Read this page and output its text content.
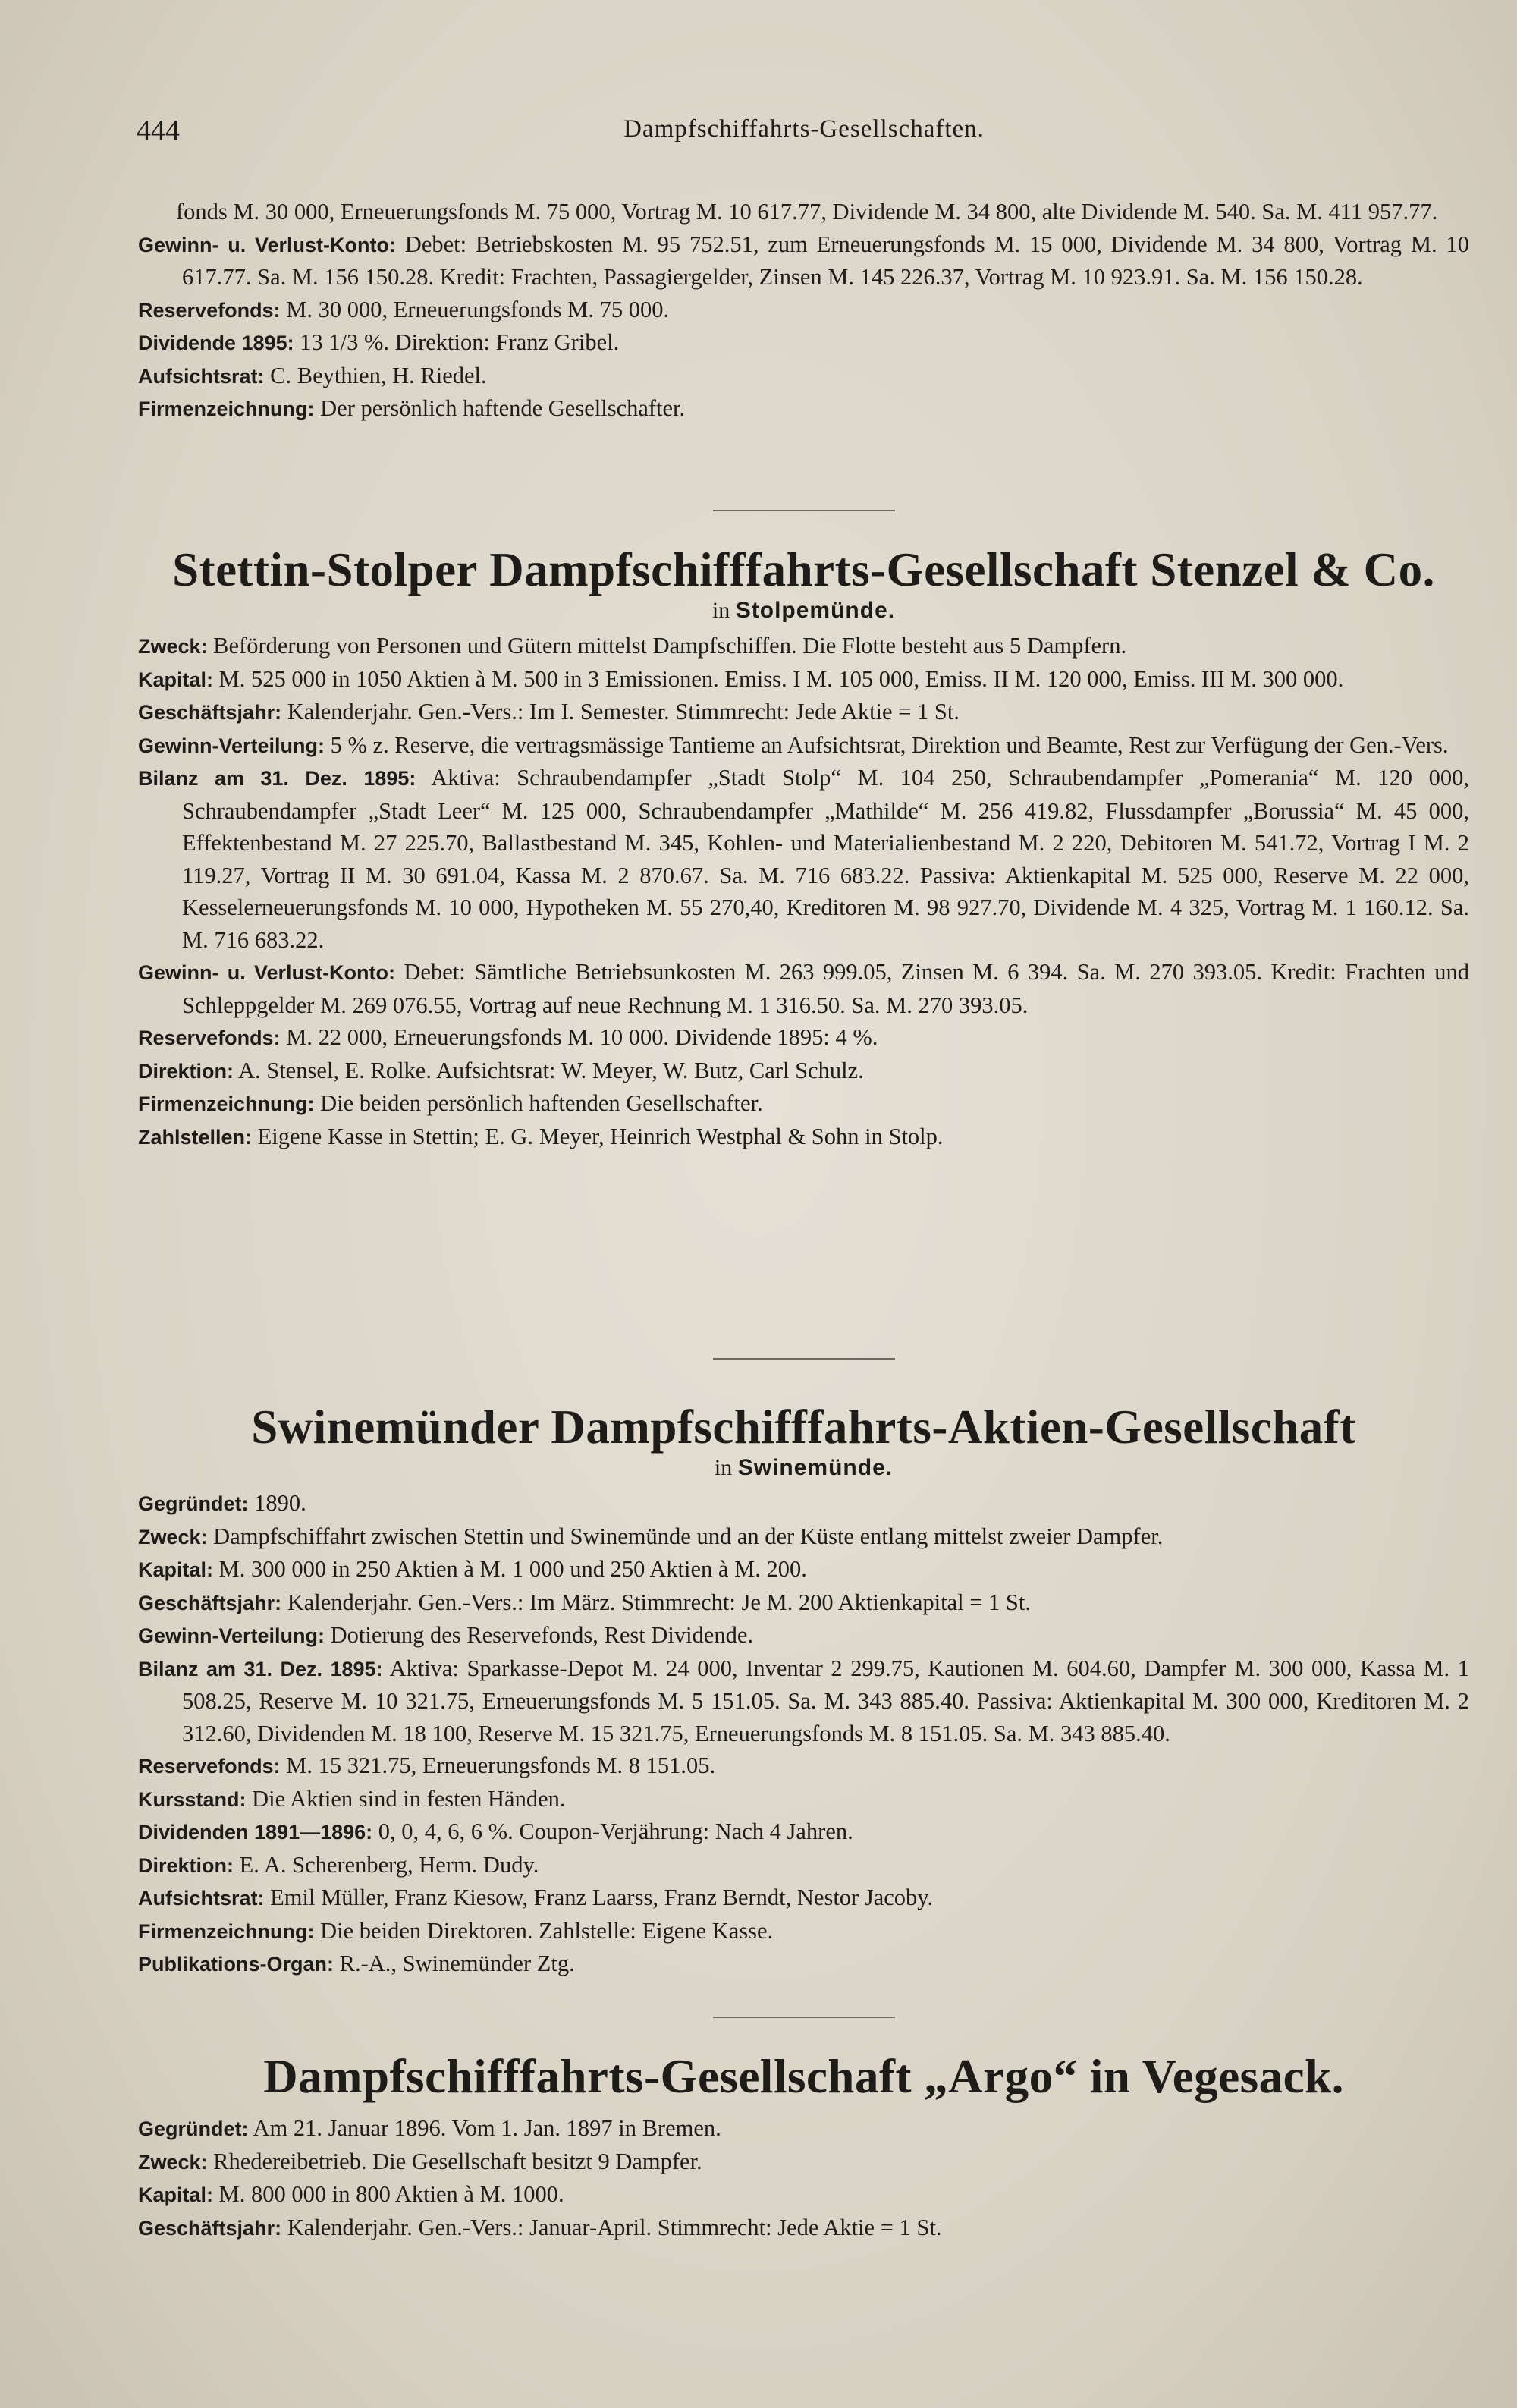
444	Dampfschiffahrts-Gesellschaften.

fonds M. 30 000, Erneuerungsfonds M. 75 000, Vortrag M. 10 617.77, Dividende M. 34 800, alte Dividende M. 540. Sa. M. 411 957.77.

Gewinn- u. Verlust-Konto: Debet: Betriebskosten M. 95 752.51, zum Erneuerungsfonds M. 15 000, Dividende M. 34 800, Vortrag M. 10 617.77. Sa. M. 156 150.28. Kredit: Frachten, Passagiergelder, Zinsen M. 145 226.37, Vortrag M. 10 923.91. Sa. M. 156 150.28.

Reservefonds: M. 30 000, Erneuerungsfonds M. 75 000.

Dividende 1895: 13 1/3 %. Direktion: Franz Gribel.

Aufsichtsrat: C. Beythien, H. Riedel.

Firmenzeichnung: Der persönlich haftende Gesellschafter.

Stettin-Stolper Dampfschifffahrts-Gesellschaft Stenzel & Co.
in Stolpemünde.

Zweck: Beförderung von Personen und Gütern mittelst Dampfschiffen. Die Flotte besteht aus 5 Dampfern.

Kapital: M. 525 000 in 1050 Aktien à M. 500 in 3 Emissionen. Emiss. I M. 105 000, Emiss. II M. 120 000, Emiss. III M. 300 000.

Geschäftsjahr: Kalenderjahr. Gen.-Vers.: Im I. Semester. Stimmrecht: Jede Aktie = 1 St.

Gewinn-Verteilung: 5 % z. Reserve, die vertragsmässige Tantieme an Aufsichtsrat, Direktion und Beamte, Rest zur Verfügung der Gen.-Vers.

Bilanz am 31. Dez. 1895: Aktiva: Schraubendampfer „Stadt Stolp“ M. 104 250, Schraubendampfer „Pomerania“ M. 120 000, Schraubendampfer „Stadt Leer“ M. 125 000, Schraubendampfer „Mathilde“ M. 256 419.82, Flussdampfer „Borussia“ M. 45 000, Effektenbestand M. 27 225.70, Ballastbestand M. 345, Kohlen- und Materialienbestand M. 2 220, Debitoren M. 541.72, Vortrag I M. 2 119.27, Vortrag II M. 30 691.04, Kassa M. 2 870.67. Sa. M. 716 683.22. Passiva: Aktienkapital M. 525 000, Reserve M. 22 000, Kesselerneuerungsfonds M. 10 000, Hypotheken M. 55 270,40, Kreditoren M. 98 927.70, Dividende M. 4 325, Vortrag M. 1 160.12. Sa. M. 716 683.22.

Gewinn- u. Verlust-Konto: Debet: Sämtliche Betriebsunkosten M. 263 999.05, Zinsen M. 6 394. Sa. M. 270 393.05. Kredit: Frachten und Schleppgelder M. 269 076.55, Vortrag auf neue Rechnung M. 1 316.50. Sa. M. 270 393.05.

Reservefonds: M. 22 000, Erneuerungsfonds M. 10 000. Dividende 1895: 4 %.

Direktion: A. Stensel, E. Rolke. Aufsichtsrat: W. Meyer, W. Butz, Carl Schulz.

Firmenzeichnung: Die beiden persönlich haftenden Gesellschafter.

Zahlstellen: Eigene Kasse in Stettin; E. G. Meyer, Heinrich Westphal & Sohn in Stolp.

Swinemünder Dampfschifffahrts-Aktien-Gesellschaft
in Swinemünde.

Gegründet: 1890.

Zweck: Dampfschiffahrt zwischen Stettin und Swinemünde und an der Küste entlang mittelst zweier Dampfer.

Kapital: M. 300 000 in 250 Aktien à M. 1 000 und 250 Aktien à M. 200.

Geschäftsjahr: Kalenderjahr. Gen.-Vers.: Im März. Stimmrecht: Je M. 200 Aktienkapital = 1 St.

Gewinn-Verteilung: Dotierung des Reservefonds, Rest Dividende.

Bilanz am 31. Dez. 1895: Aktiva: Sparkasse-Depot M. 24 000, Inventar 2 299.75, Kautionen M. 604.60, Dampfer M. 300 000, Kassa M. 1 508.25, Reserve M. 10 321.75, Erneuerungsfonds M. 5 151.05. Sa. M. 343 885.40. Passiva: Aktienkapital M. 300 000, Kreditoren M. 2 312.60, Dividenden M. 18 100, Reserve M. 15 321.75, Erneuerungsfonds M. 8 151.05. Sa. M. 343 885.40.

Reservefonds: M. 15 321.75, Erneuerungsfonds M. 8 151.05.

Kursstand: Die Aktien sind in festen Händen.

Dividenden 1891—1896: 0, 0, 4, 6, 6 %. Coupon-Verjährung: Nach 4 Jahren.

Direktion: E. A. Scherenberg, Herm. Dudy.

Aufsichtsrat: Emil Müller, Franz Kiesow, Franz Laarss, Franz Berndt, Nestor Jacoby.

Firmenzeichnung: Die beiden Direktoren. Zahlstelle: Eigene Kasse.

Publikations-Organ: R.-A., Swinemünder Ztg.

Dampfschifffahrts-Gesellschaft „Argo“ in Vegesack.

Gegründet: Am 21. Januar 1896. Vom 1. Jan. 1897 in Bremen.

Zweck: Rhedereibetrieb. Die Gesellschaft besitzt 9 Dampfer.

Kapital: M. 800 000 in 800 Aktien à M. 1000.

Geschäftsjahr: Kalenderjahr. Gen.-Vers.: Januar-April. Stimmrecht: Jede Aktie = 1 St.
